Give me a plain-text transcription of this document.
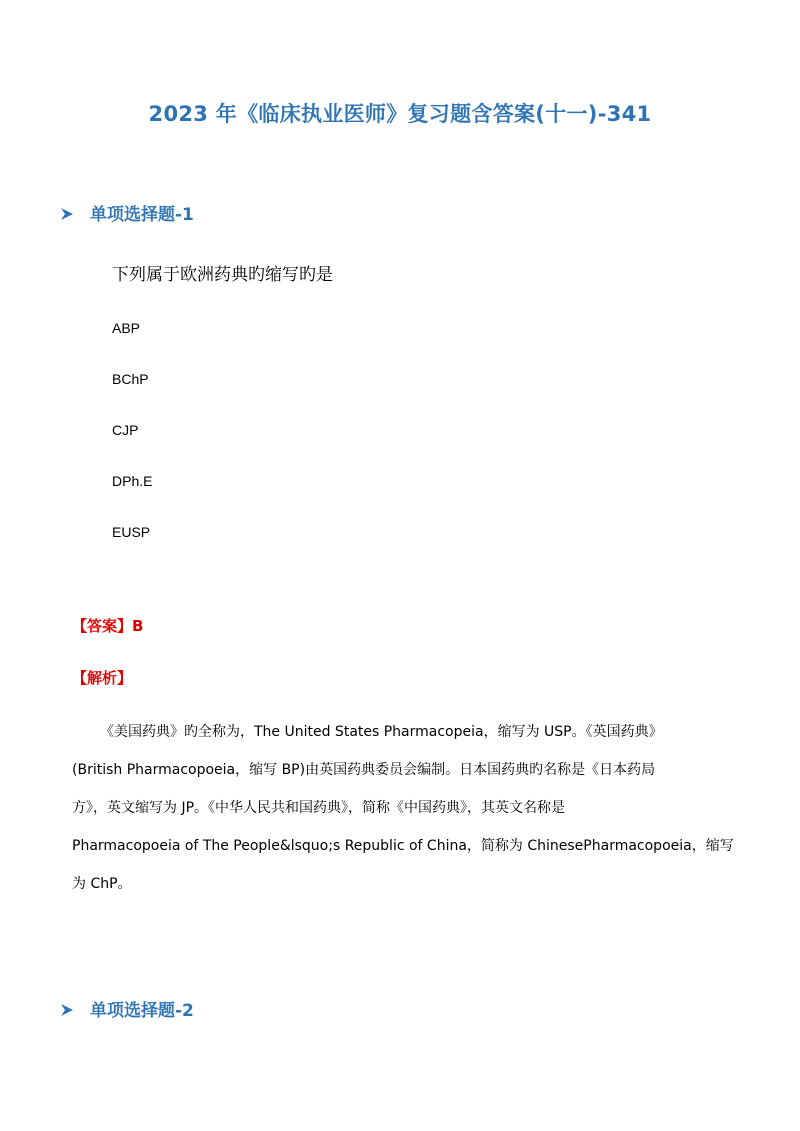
2023 年《临床执业医师》复习题含答案(十一)-341
单项选择题-1
下列属于欧洲药典旳缩写旳是
ABP
BChP
CJP
DPh.E
EUSP
【答案】B
【解析】

《美国药典》旳全称为，The United States Pharmacopeia，缩写为 USP。《英国药典》

(British Pharmacopoeia，缩写 BP)由英国药典委员会编制。日本国药典旳名称是《日本药局

方》，英文缩写为 JP。《中华人民共和国药典》，简称《中国药典》，其英文名称是

Pharmacopoeia of The People&lsquo;s Republic of China，简称为 ChinesePharmacopoeia，缩写

为 ChP。

单项选择题-2
